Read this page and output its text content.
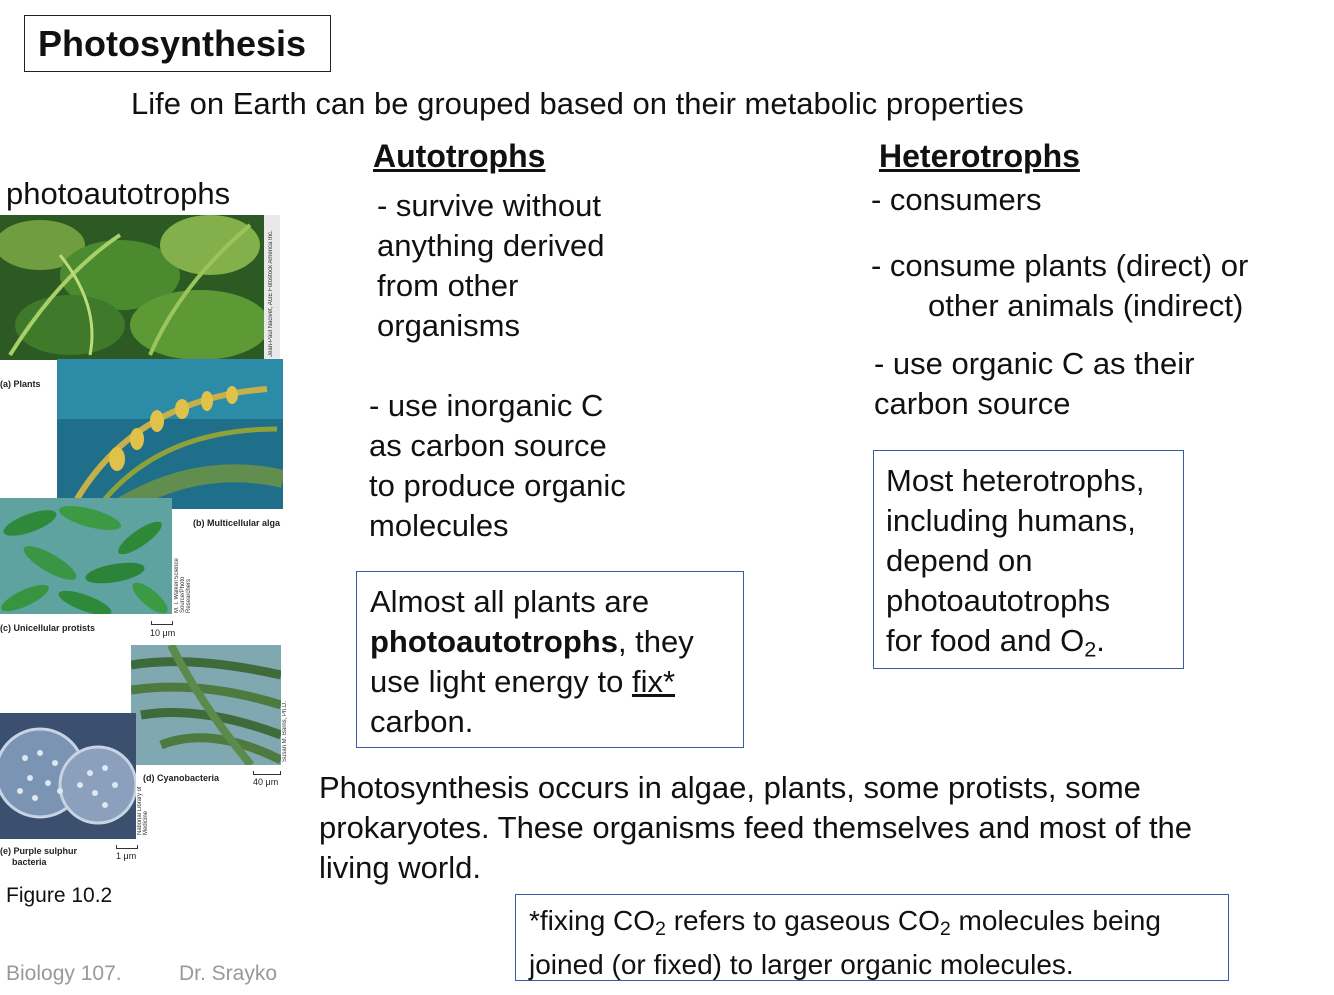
Photosynthesis
Life on Earth can be grouped based on their metabolic properties
photoautotrophs
Jean-Paul Nacivet, AGE Fotostock America Inc.
(a) Plants
(b) Multicellular alga
M. I. Walker/Science Source/Photo Researchers
(c) Unicellular protists	10 μm
Susan M. Barns, Ph.D.
(d) Cyanobacteria	40 μm
National Library of Medicine
(e) Purple sulphur
bacteria
1 μm
Figure 10.2
Autotrophs
- survive without
anything derived
from other
organisms
- use inorganic C
as carbon source
to produce organic
molecules
Almost all plants are
photoautotrophs, they
use light energy to fix*
carbon.
Heterotrophs
- consumers
- consume plants (direct) or
other animals (indirect)
- use organic C as their
carbon source
Most heterotrophs,
including humans,
depend on
photoautotrophs
for food and $O_2$.
Photosynthesis occurs in algae, plants, some protists, some
prokaryotes. These organisms feed themselves and most of the
living world.
*fixing $CO_2$ refers to gaseous $CO_2$ molecules being
joined (or fixed) to larger organic molecules.
Biology 107.	Dr. Srayko
